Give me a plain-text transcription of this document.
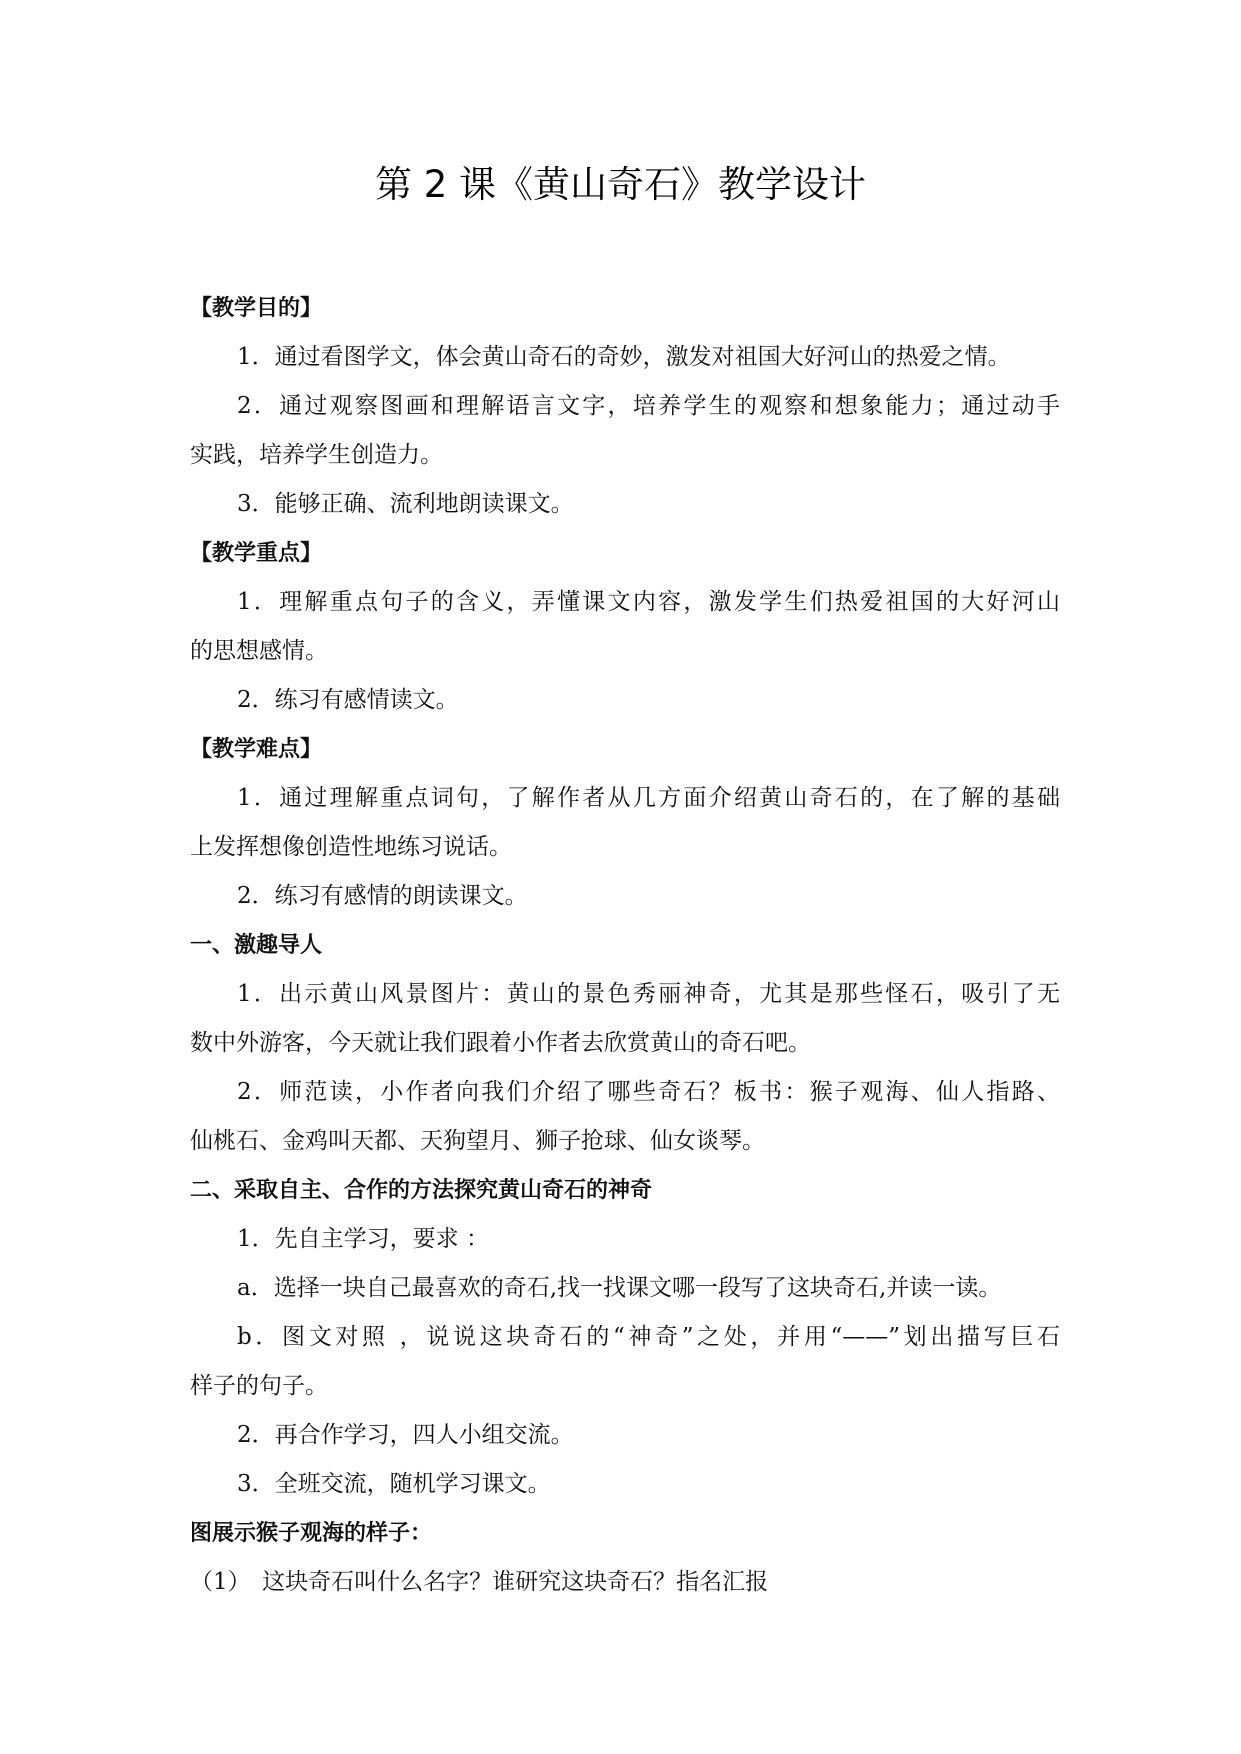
第 2 课《黄山奇石》教学设计
【教学目的】
1．通过看图学文，体会黄山奇石的奇妙，激发对祖国大好河山的热爱之情。
2．通过观察图画和理解语言文字，培养学生的观察和想象能力；通过动手
实践，培养学生创造力。
3．能够正确、流利地朗读课文。
【教学重点】
1．理解重点句子的含义，弄懂课文内容，激发学生们热爱祖国的大好河山
的思想感情。
2．练习有感情读文。
【教学难点】
1．通过理解重点词句，了解作者从几方面介绍黄山奇石的，在了解的基础
上发挥想像创造性地练习说话。
2．练习有感情的朗读课文。
一、激趣导人
1．出示黄山风景图片：黄山的景色秀丽神奇，尤其是那些怪石，吸引了无
数中外游客，今天就让我们跟着小作者去欣赏黄山的奇石吧。
2．师范读，小作者向我们介绍了哪些奇石？板书：猴子观海、仙人指路、
仙桃石、金鸡叫天都、天狗望月、狮子抢球、仙女谈琴。
二、采取自主、合作的方法探究黄山奇石的神奇
1．先自主学习，要求 ：
a．选择一块自己最喜欢的奇石,找一找课文哪一段写了这块奇石,并读一读。
b．图文对照 ，说说这块奇石的“神奇”之处，并用“——”划出描写巨石
样子的句子。
2．再合作学习，四人小组交流。
3．全班交流，随机学习课文。
图展示猴子观海的样子：
（1）　这块奇石叫什么名字？谁研究这块奇石？指名汇报
